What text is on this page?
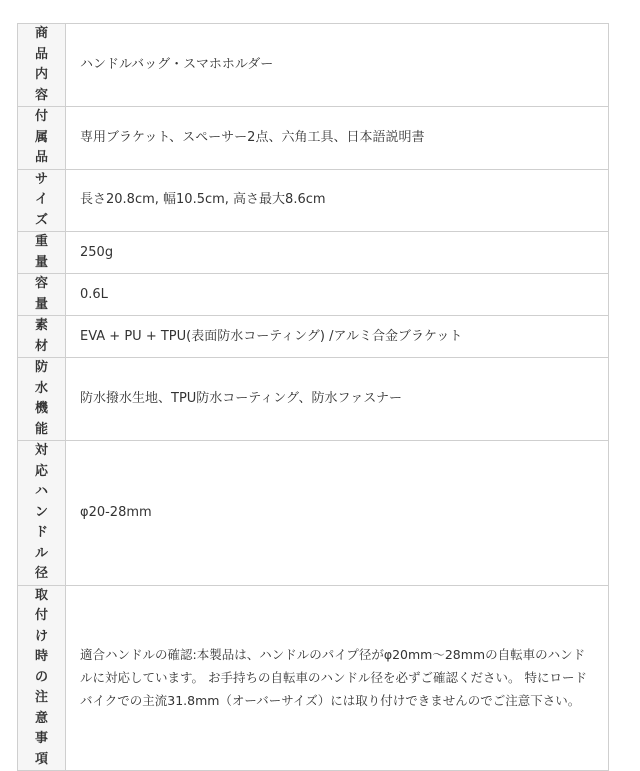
商品内容	ハンドルバッグ・スマホホルダー

付属品	専用ブラケット、スペーサー2点、六角工具、日本語説明書

サイズ	長さ20.8cm, 幅10.5cm, 高さ最大8.6cm

重量	250g

容量	0.6L

素材	EVA + PU + TPU(表面防水コーティング) /アルミ合金ブラケット

防水機能	防水撥水生地、TPU防水コーティング、防水ファスナー

対応ハンドル径	φ20-28mm

取付け時の注意事項	適合ハンドルの確認:本製品は、ハンドルのパイプ径がφ20mm～28mmの自転車のハンドルに対応しています。 お手持ちの自転車のハンドル径を必ずご確認ください。 特にロードバイクでの主流31.8mm（オーバーサイズ）には取り付けできませんのでご注意下さい。
